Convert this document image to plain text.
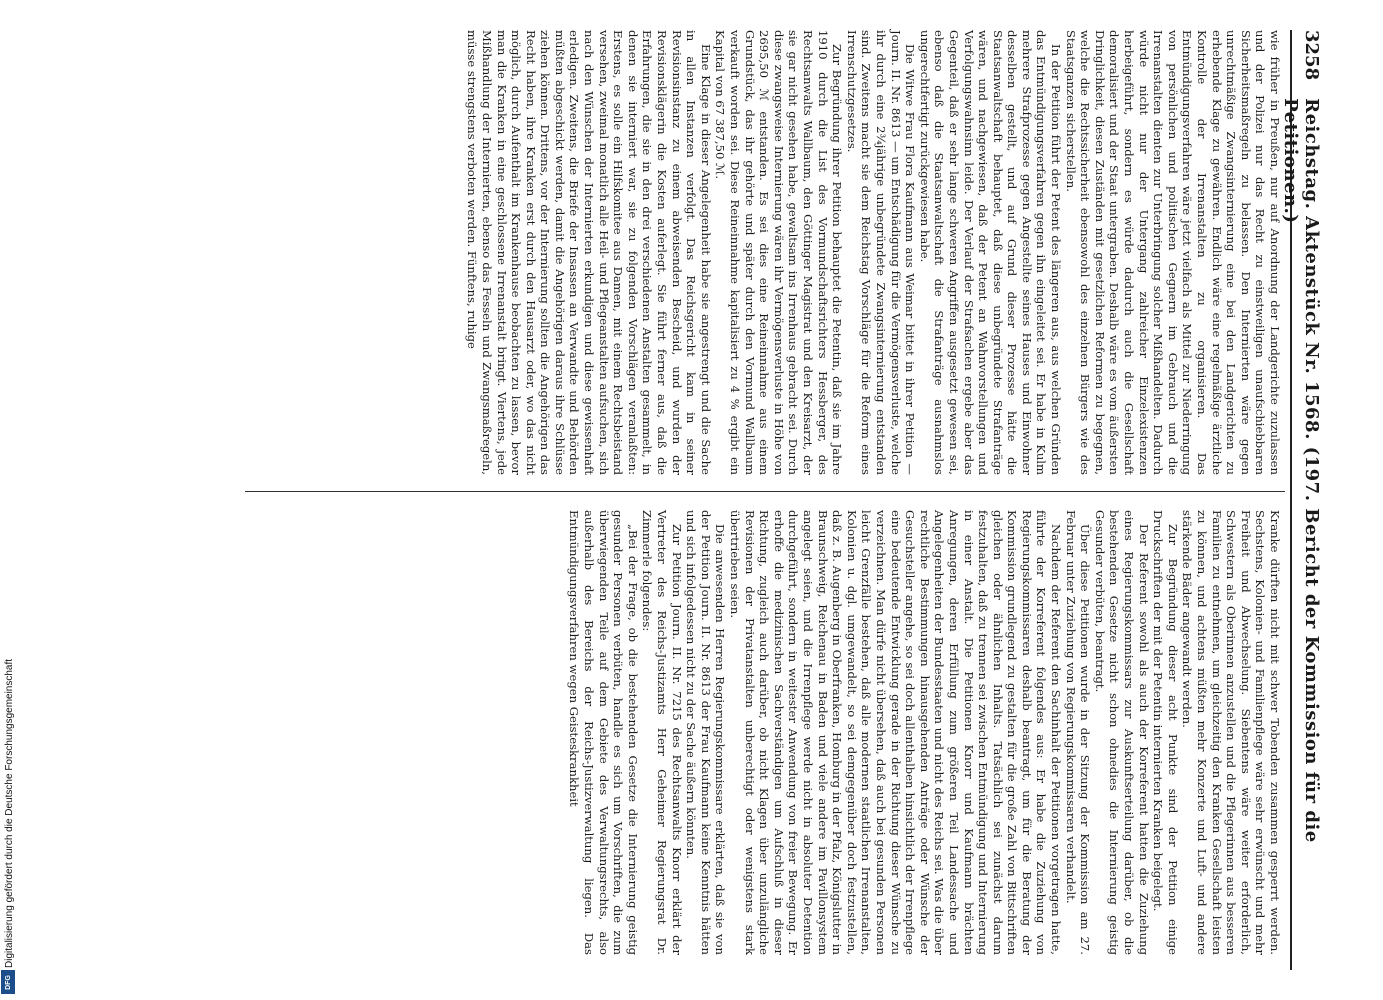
3258
Reichstag. Aktenstück Nr. 1568. (197. Bericht der Kommission für die Petitionen.)

wie früher in Preußen, nur auf Anordnung der Landgerichte zuzulassen und der Polizei nur das Recht zu einstweiligen unaufschiebbaren Sicherheitsmaßregeln zu belassen. Den Internierten wäre gegen unrechtmäßige Zwangsinternierung eine bei den Landgerichten zu erhebende Klage zu gewähren. Endlich wäre eine regelmäßige ärztliche Kontrolle der Irrenanstalten zu organisieren. Das Entmündigungsverfahren wäre jetzt vielfach als Mittel zur Niederringung von persönlichen und politischen Gegnern im Gebrauch und die Irrenanstalten dienten zur Unterbringung solcher Mißhandelten. Dadurch würde nicht nur der Untergang zahlreicher Einzelexistenzen herbeigeführt, sondern es würde dadurch auch die Gesellschaft demoralisiert und der Staat untergraben. Deshalb wäre es vom äußersten Dringlichkeit, diesen Zuständen mit gesetzlichen Reformen zu begegnen, welche die Rechtssicherheit ebensowohl des einzelnen Bürgers wie des Staatsganzen sicherstellen.

In der Petition führt der Petent des längeren aus, aus welchen Gründen das Entmündigungsverfahren gegen ihn eingeleitet sei. Er habe in Kulm mehrere Strafprozesse gegen Angestellte seines Hauses und Einwohner desselben gestellt, und auf Grund dieser Prozesse hätte die Staatsanwaltschaft behauptet, daß diese unbegründete Strafanträge wären, und nachgewiesen, daß der Petent an Wahnvorstellungen und Verfolgungswahnsinn leide. Der Verlauf der Strafsachen ergebe aber das Gegenteil, daß er sehr lange schweren Angriffen ausgesetzt gewesen sei, ebenso daß die Staatsanwaltschaft die Strafanträge ausnahmslos ungerechtfertigt zurückgewiesen habe.

Die Witwe Frau Flora Kaufmann aus Weimar bittet in ihrer Petition — Journ. II. Nr. 8613 — um Entschädigung für die Vermögensverluste, welche ihr durch eine 2¾jährige unbegründete Zwangsinternierung entstanden sind. Zweitens macht sie dem Reichstag Vorschläge für die Reform eines Irrenschutzgesetzes.

Zur Begründung ihrer Petition behauptet die Petentin, daß sie im Jahre 1910 durch die List des Vormundschaftsrichters Hessberger, des Rechtsanwalts Wallbaum, den Göttinger Magistrat und den Kreisarzt, der sie gar nicht gesehen habe, gewaltsam ins Irrenhaus gebracht sei. Durch diese zwangsweise Internierung wären ihr Vermögensverluste in Höhe von 2695,50 ℳ entstanden. Es sei dies eine Reineinnahme aus einem Grundstück, das ihr gehörte und später durch den Vormund Wallbaum verkauft worden sei. Diese Reineinnahme kapitalisiert zu 4 % ergibt ein Kapital von 67 387,50 ℳ.

Eine Klage in dieser Angelegenheit habe sie angestrengt und die Sache in allen Instanzen verfolgt. Das Reichsgericht kam in seiner Revisionsinstanz zu einem abweisenden Bescheid, und wurden der Revisionsklägerin die Kosten auferlegt. Sie führt ferner aus, daß die Erfahrungen, die sie in den drei verschiedenen Anstalten gesammelt, in denen sie interniert war, sie zu folgenden Vorschlägen veranlaßten: Erstens, es solle ein Hilfskomitee aus Damen, mit einem Rechtsbeistand versehen, zweimal monatlich alle Heil- und Pflegeanstalten aufsuchen, sich nach den Wünschen der Internierten erkundigen und diese gewissenhaft erledigen. Zweitens, die Briefe der Insassen an Verwandte und Behörden müßten abgeschickt werden, damit die Angehörigen daraus ihre Schlüsse ziehen können. Drittens, vor der Internierung sollten die Angehörigen das Recht haben, ihre Kranken erst durch den Hausarzt oder, wo das nicht möglich, durch Aufenthalt im Krankenhause beobachten zu lassen, bevor man die Kranken in eine geschlossene Irrenanstalt bringt. Viertens, jede Mißhandlung der Internierten, ebenso das Fesseln und Zwangsmaßregeln, müsse strengstens verboten werden. Fünftens, ruhige

Kranke dürften nicht mit schwer Tobenden zusammen gesperrt werden. Sechstens, Kolonien- und Familienpflege wäre sehr erwünscht und mehr Freiheit und Abwechselung. Siebentens wäre weiter erforderlich, Schwestern als Oberinnen anzustellen und die Pflegerinnen aus besseren Familien zu entnehmen, um gleichzeitig den Kranken Gesellschaft leisten zu können, und achtens müßten mehr Konzerte und Luft- und andere stärkende Bäder angewandt werden.

Zur Begründung dieser acht Punkte sind der Petition einige Druckschriften der mit der Petentin internierten Kranken beigelegt.

Der Referent sowohl als auch der Korreferent hatten die Zuziehung eines Regierungskommissars zur Auskunftserteilung darüber, ob die bestehenden Gesetze nicht schon ohnedies die Internierung geistig Gesunder verbüten, beantragt.

Über diese Petitionen wurde in der Sitzung der Kommission am 27. Februar unter Zuziehung von Regierungskommissaren verhandelt.

Nachdem der Referent den Sachinhalt der Petitionen vorgetragen hatte, führte der Korreferent folgendes aus: Er habe die Zuziehung von Regierungskommissaren deshalb beantragt, um für die Beratung der Kommission grundlegend zu gestalten für die große Zahl von Bittschriften gleichen oder ähnlichen Inhalts. Tatsächlich sei zunächst darum festzuhalten, daß zu trennen sei zwischen Entmündigung und Internierung in einer Anstalt. Die Petitionen Knorr und Kaufmann brächten Anregungen, deren Erfüllung zum größeren Teil Landessache und Angelegenheiten der Bundesstaaten und nicht des Reichs sei. Was die über rechtliche Bestimmungen hinausgehenden Anträge oder Wünsche der Gesuchsteller angehe, so sei doch allenthalben hinsichtlich der Irrenpflege eine bedeutende Entwicklung gerade in der Richtung dieser Wünsche zu verzeichnen. Man dürfe nicht übersehen, daß auch bei gesunden Personen leicht Grenzfälle bestehen, daß alle modernen staatlichen Irrenanstalten, Kolonien u. dgl. umgewandelt, so sei demgegenüber doch festzustellen, daß z. B. Augenberg in Oberfranken, Homburg in der Pfalz, Königslutter in Braunschweig, Reichenau in Baden und viele andere im Pavillonsystem angelegt seien, und die Irrenpflege werde nicht in absoluter Detention durchgeführt, sondern in weitester Anwendung von freier Bewegung. Er erhoffe die medizinischen Sachverständigen um Aufschluß in dieser Richtung, zugleich auch darüber, ob nicht Klagen über unzulängliche Revisionen der Privatanstalten unberechtigt oder wenigstens stark übertrieben seien.

Die anwesenden Herren Regierungskommissare erklärten, daß sie von der Petition Journ. II. Nr. 8613 der Frau Kaufmann keine Kenntnis hätten und sich infolgedessen nicht zu der Sache äußern könnten.

Zur Petition Journ. II. Nr. 7215 des Rechtsanwalts Knorr erklärt der Vertreter des Reichs-Justizamts Herr Geheimer Regierungsrat Dr. Zimmerle folgendes:

„Bei der Frage, ob die bestehenden Gesetze die Internierung geistig gesunder Personen verbüten, handle es sich um Vorschriften, die zum überwiegenden Teile auf dem Gebiete des Verwaltungsrechts, also außerhalb des Bereichs der Reichs-Justizverwaltung liegen. Das Entmündigungsverfahren wegen Geisteskrankheit

Digitalisierung gefördert durch die Deutsche Forschungsgemeinschaft
DFG
